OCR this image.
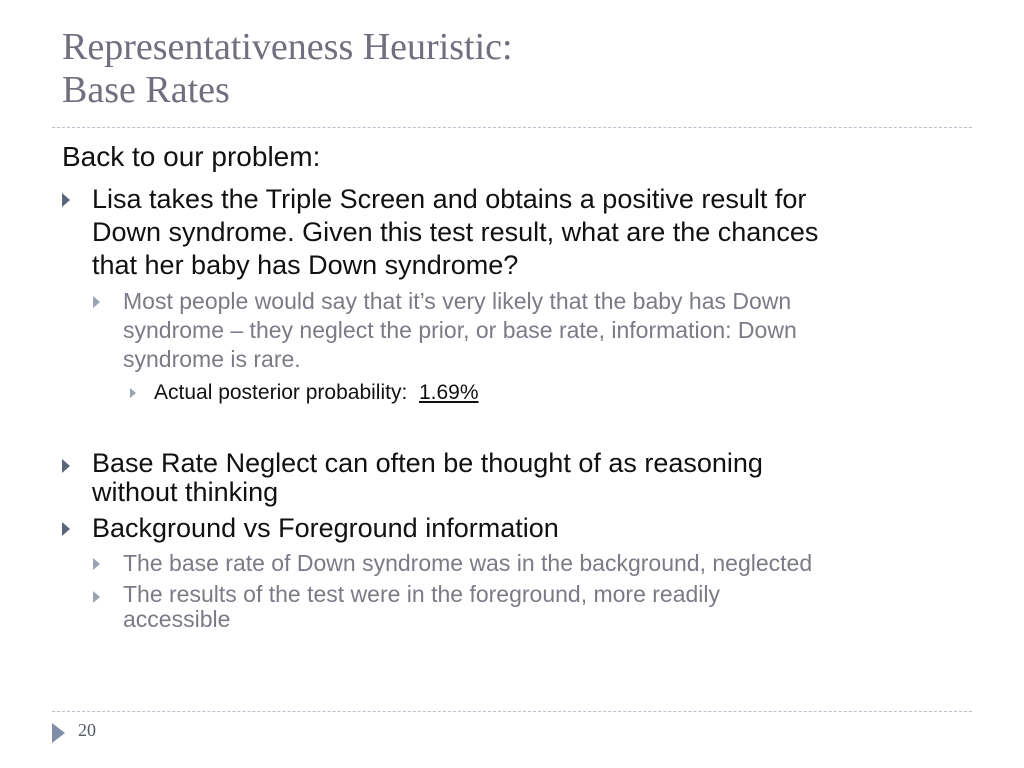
Representativeness Heuristic:
Base Rates
Back to our problem:
Lisa takes the Triple Screen and obtains a positive result for
Down syndrome. Given this test result, what are the chances
that her baby has Down syndrome?
Most people would say that it’s very likely that the baby has Down
syndrome – they neglect the prior, or base rate, information: Down
syndrome is rare.
Actual posterior probability: 1.69%
Base Rate Neglect can often be thought of as reasoning
without thinking
Background vs Foreground information
The base rate of Down syndrome was in the background, neglected
The results of the test were in the foreground, more readily
accessible
20
